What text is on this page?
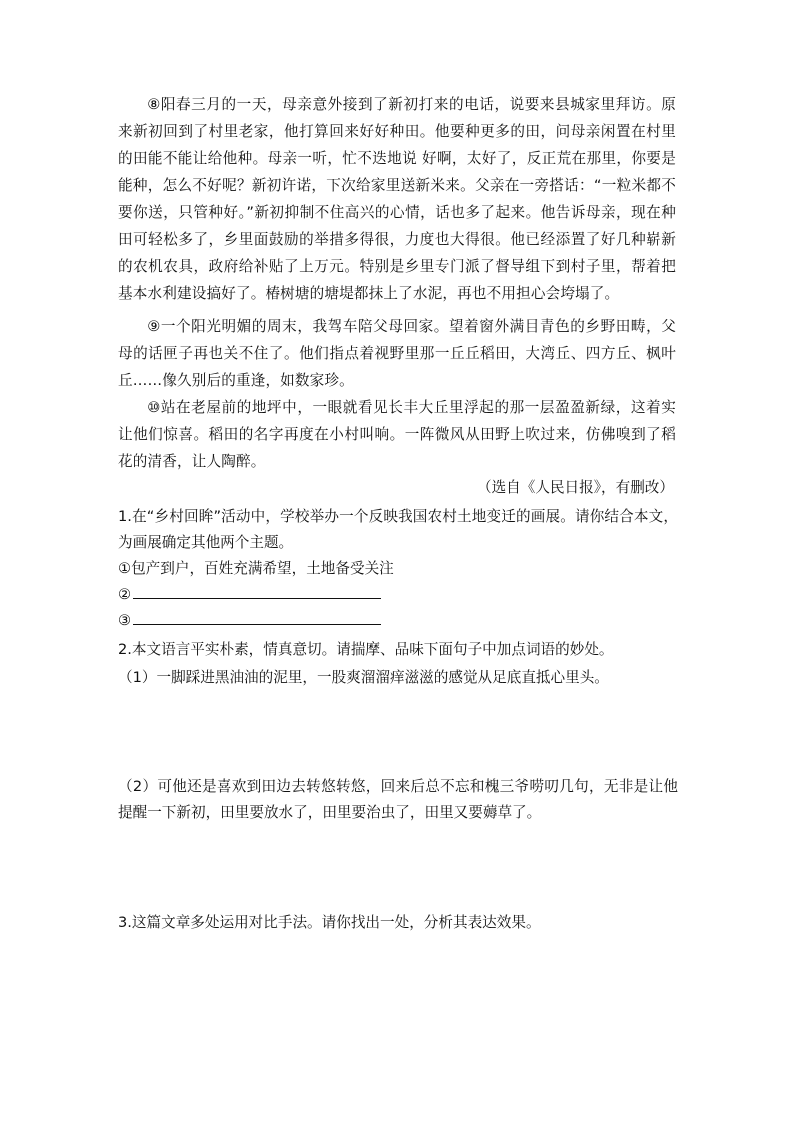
⑧阳春三月的一天，母亲意外接到了新初打来的电话，说要来县城家里拜访。原来新初回到了村里老家，他打算回来好好种田。他要种更多的田，问母亲闲置在村里的田能不能让给他种。母亲一听，忙不迭地说 好啊，太好了，反正荒在那里，你要是能种，怎么不好呢？新初许诺，下次给家里送新米来。父亲在一旁搭话：“一粒米都不要你送，只管种好。”新初抑制不住高兴的心情，话也多了起来。他告诉母亲，现在种田可轻松多了，乡里面鼓励的举措多得很，力度也大得很。他已经添置了好几种崭新的农机农具，政府给补贴了上万元。特别是乡里专门派了督导组下到村子里，帮着把基本水利建设搞好了。椿树塘的塘堤都抹上了水泥，再也不用担心会垮塌了。

⑨一个阳光明媚的周末，我驾车陪父母回家。望着窗外满目青色的乡野田畴，父母的话匣子再也关不住了。他们指点着视野里那一丘丘稻田，大湾丘、四方丘、枫叶丘……像久别后的重逢，如数家珍。

⑩站在老屋前的地坪中，一眼就看见长丰大丘里浮起的那一层盈盈新绿，这着实让他们惊喜。稻田的名字再度在小村叫响。一阵微风从田野上吹过来，仿佛嗅到了稻花的清香，让人陶醉。

（选自《人民日报》，有删改）

1.在“乡村回眸”活动中，学校举办一个反映我国农村土地变迁的画展。请你结合本文，为画展确定其他两个主题。

①包产到户，百姓充满希望，土地备受关注

②

③

2.本文语言平实朴素，情真意切。请揣摩、品味下面句子中加点词语的妙处。

（1）一脚踩进黑油油的泥里，一股爽溜溜痒滋滋的感觉从足底直抵心里头。

（2）可他还是喜欢到田边去转悠转悠，回来后总不忘和槐三爷唠叨几句，无非是让他提醒一下新初，田里要放水了，田里要治虫了，田里又要薅草了。

3.这篇文章多处运用对比手法。请你找出一处，分析其表达效果。
